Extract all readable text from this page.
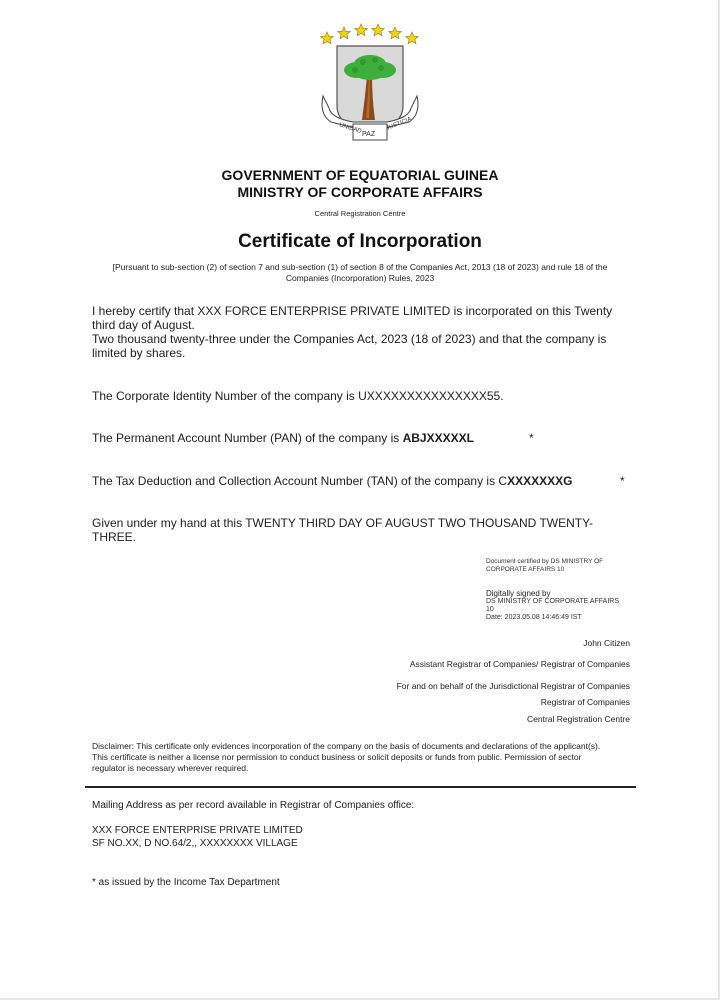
UNIDAD PAZ
JUSTICIA
GOVERNMENT OF EQUATORIAL GUINEA
MINISTRY OF CORPORATE AFFAIRS
Central Registration Centre
Certificate of Incorporation
[Pursuant to sub-section (2) of section 7 and sub-section (1) of section 8 of the Companies Act, 2013 (18 of 2023) and rule 18 of the Companies (Incorporation) Rules, 2023
I hereby certify that XXX FORCE ENTERPRISE PRIVATE LIMITED is incorporated on this Twenty third day of August.
Two thousand twenty-three under the Companies Act, 2023 (18 of 2023) and that the company is limited by shares.
The Corporate Identity Number of the company is UXXXXXXXXXXXXXXX55.
The Permanent Account Number (PAN) of the company is ABJXXXXXL	*
The Tax Deduction and Collection Account Number (TAN) of the company is CXXXXXXXG	*
Given under my hand at this TWENTY THIRD DAY OF AUGUST TWO THOUSAND TWENTY-THREE.
Document certified by DS MINISTRY OF CORPORATE AFFAIRS 10
Digitally signed by
DS MINISTRY OF CORPORATE AFFAIRS 10
Date: 2023.05.08 14:46:49 IST
John Citizen
Assistant Registrar of Companies/ Registrar of Companies
For and on behalf of the Jurisdictional Registrar of Companies
Registrar of Companies
Central Registration Centre
Disclaimer: This certificate only evidences incorporation of the company on the basis of documents and declarations of the applicant(s). This certificate is neither a license nor permission to conduct business or solicit deposits or funds from public. Permission of sector regulator is necessary wherever required.
Mailing Address as per record available in Registrar of Companies office:
XXX FORCE ENTERPRISE PRIVATE LIMITED
SF NO.XX, D NO.64/2,, XXXXXXXX VILLAGE
* as issued by the Income Tax Department
